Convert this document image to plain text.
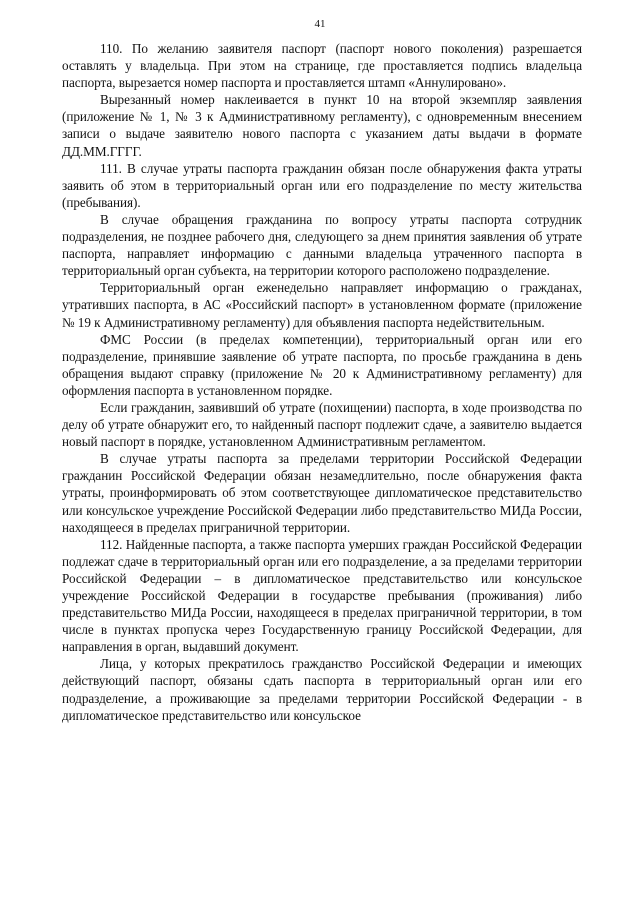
41

110. По желанию заявителя паспорт (паспорт нового поколения) разрешается оставлять у владельца. При этом на странице, где проставляется подпись владельца паспорта, вырезается номер паспорта и проставляется штамп «Аннулировано».

Вырезанный номер наклеивается в пункт 10 на второй экземпляр заявления (приложение № 1, № 3 к Административному регламенту), с одновременным внесением записи о выдаче заявителю нового паспорта с указанием даты выдачи в формате ДД.ММ.ГГГГ.

111. В случае утраты паспорта гражданин обязан после обнаружения факта утраты заявить об этом в территориальный орган или его подразделение по месту жительства (пребывания).

В случае обращения гражданина по вопросу утраты паспорта сотрудник подразделения, не позднее рабочего дня, следующего за днем принятия заявления об утрате паспорта, направляет информацию с данными владельца утраченного паспорта в территориальный орган субъекта, на территории которого расположено подразделение.

Территориальный орган еженедельно направляет информацию о гражданах, утративших паспорта, в АС «Российский паспорт» в установленном формате (приложение № 19 к Административному регламенту) для объявления паспорта недействительным.

ФМС России (в пределах компетенции), территориальный орган или его подразделение, принявшие заявление об утрате паспорта, по просьбе гражданина в день обращения выдают справку (приложение № 20 к Административному регламенту) для оформления паспорта в установленном порядке.

Если гражданин, заявивший об утрате (похищении) паспорта, в ходе производства по делу об утрате обнаружит его, то найденный паспорт подлежит сдаче, а заявителю выдается новый паспорт в порядке, установленном Административным регламентом.

В случае утраты паспорта за пределами территории Российской Федерации гражданин Российской Федерации обязан незамедлительно, после обнаружения факта утраты, проинформировать об этом соответствующее дипломатическое представительство или консульское учреждение Российской Федерации либо представительство МИДа России, находящееся в пределах приграничной территории.

112. Найденные паспорта, а также паспорта умерших граждан Российской Федерации подлежат сдаче в территориальный орган или его подразделение, а за пределами территории Российской Федерации – в дипломатическое представительство или консульское учреждение Российской Федерации в государстве пребывания (проживания) либо представительство МИДа России, находящееся в пределах приграничной территории, в том числе в пунктах пропуска через Государственную границу Российской Федерации, для направления в орган, выдавший документ.

Лица, у которых прекратилось гражданство Российской Федерации и имеющих действующий паспорт, обязаны сдать паспорта в территориальный орган или его подразделение, а проживающие за пределами территории Российской Федерации - в дипломатическое представительство или консульское
